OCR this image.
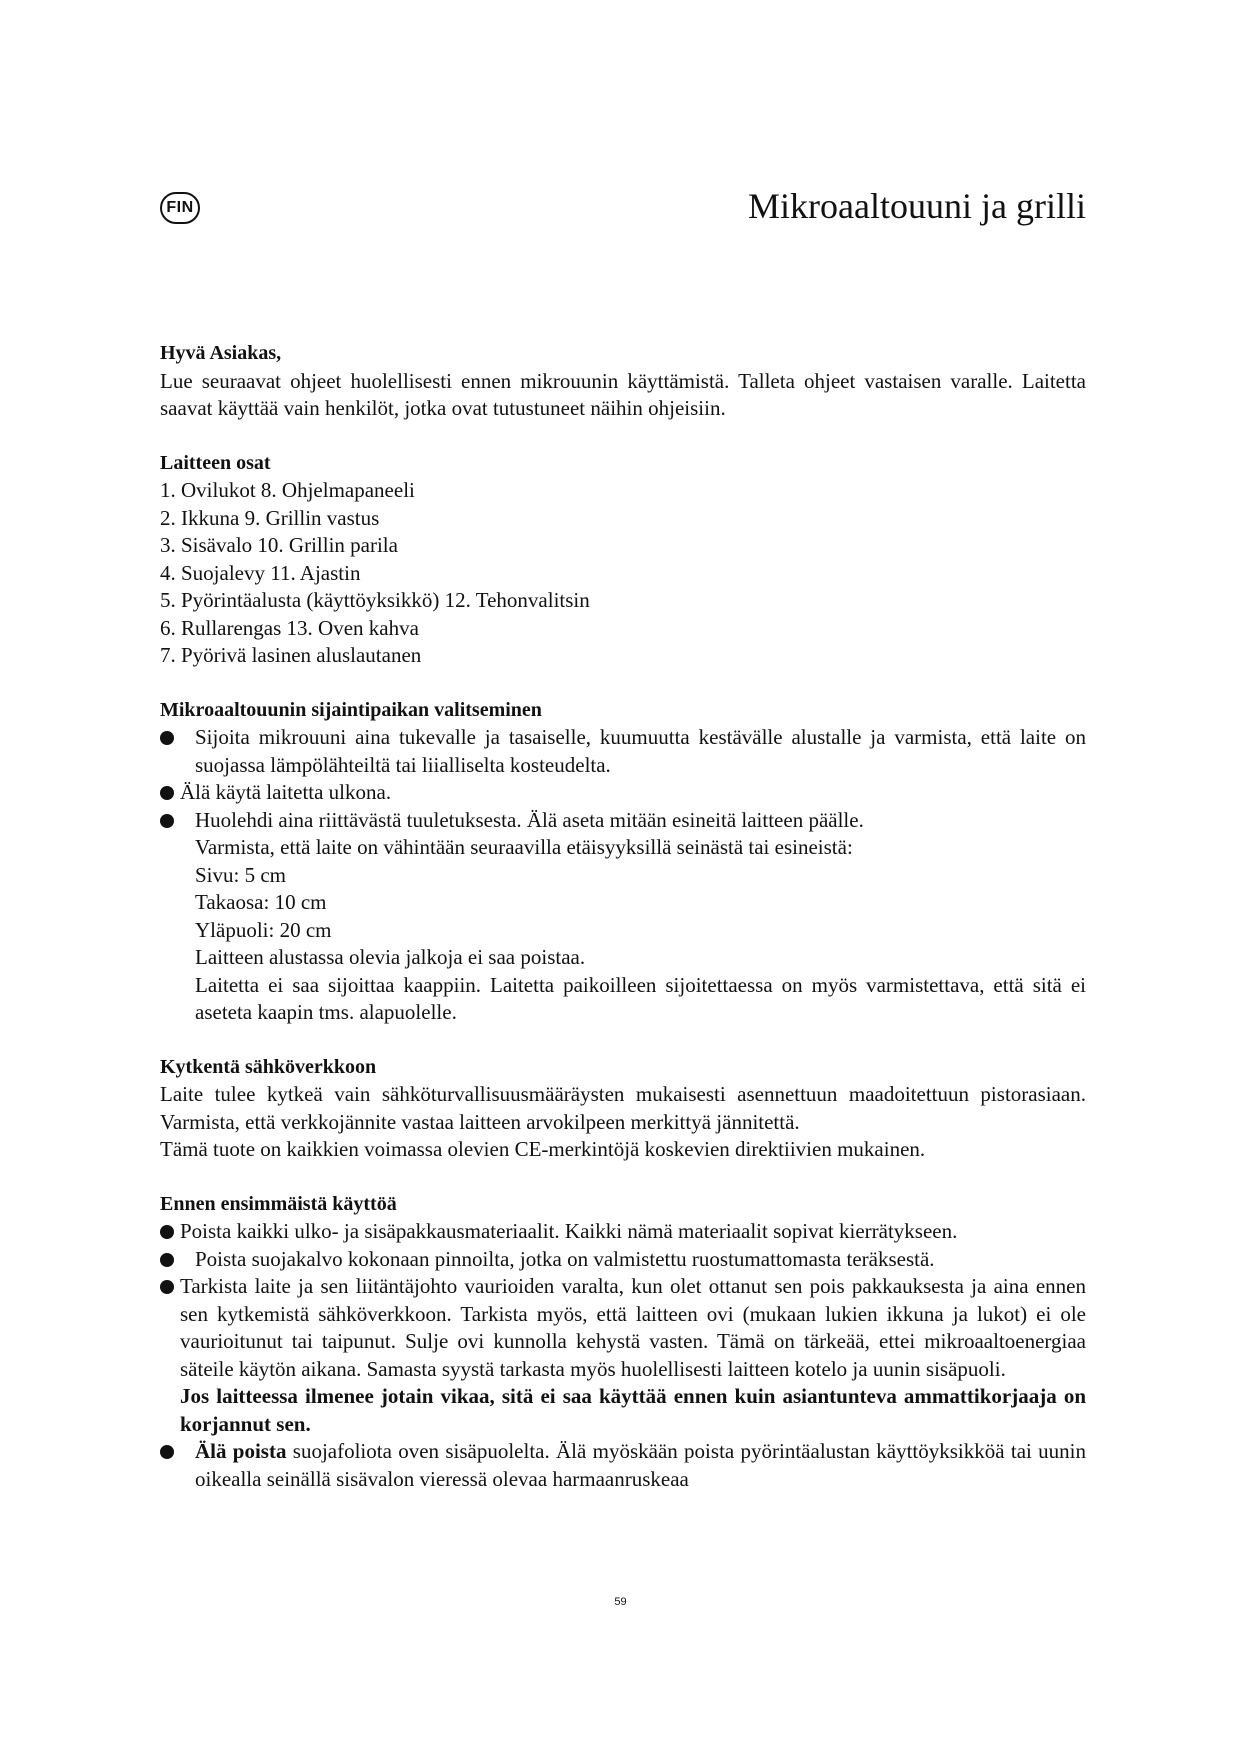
FIN	Mikroaaltouuni ja grilli
Hyvä Asiakas,

Lue seuraavat ohjeet huolellisesti ennen mikrouunin käyttämistä. Talleta ohjeet vastaisen varalle. Laitetta saavat käyttää vain henkilöt, jotka ovat tutustuneet näihin ohjeisiin.

Laitteen osat
1. Ovilukot 8. Ohjelmapaneeli
2. Ikkuna 9. Grillin vastus
3. Sisävalo 10. Grillin parila
4. Suojalevy 11. Ajastin
5. Pyörintäalusta (käyttöyksikkö) 12. Tehonvalitsin
6. Rullarengas 13. Oven kahva
7. Pyörivä lasinen aluslautanen
Mikroaaltouunin sijaintipaikan valitseminen
Sijoita mikrouuni aina tukevalle ja tasaiselle, kuumuutta kestävälle alustalle ja varmista, että laite on suojassa lämpölähteiltä tai liialliselta kosteudelta.
Älä käytä laitetta ulkona.
Huolehdi aina riittävästä tuuletuksesta. Älä aseta mitään esineitä laitteen päälle.
Varmista, että laite on vähintään seuraavilla etäisyyksillä seinästä tai esineistä:
Sivu: 5 cm
Takaosa: 10 cm
Yläpuoli: 20 cm
Laitteen alustassa olevia jalkoja ei saa poistaa.
Laitetta ei saa sijoittaa kaappiin. Laitetta paikoilleen sijoitettaessa on myös varmistettava, että sitä ei aseteta kaapin tms. alapuolelle.
Kytkentä sähköverkkoon

Laite tulee kytkeä vain sähköturvallisuusmääräysten mukaisesti asennettuun maadoitettuun pistorasiaan. Varmista, että verkkojännite vastaa laitteen arvokilpeen merkittyä jännitettä.

Tämä tuote on kaikkien voimassa olevien CE-merkintöjä koskevien direktiivien mukainen.

Ennen ensimmäistä käyttöä
Poista kaikki ulko- ja sisäpakkausmateriaalit. Kaikki nämä materiaalit sopivat kierrätykseen.
Poista suojakalvo kokonaan pinnoilta, jotka on valmistettu ruostumattomasta teräksestä.
Tarkista laite ja sen liitäntäjohto vaurioiden varalta, kun olet ottanut sen pois pakkauksesta ja aina ennen sen kytkemistä sähköverkkoon. Tarkista myös, että laitteen ovi (mukaan lukien ikkuna ja lukot) ei ole vaurioitunut tai taipunut. Sulje ovi kunnolla kehystä vasten. Tämä on tärkeää, ettei mikroaaltoenergiaa säteile käytön aikana. Samasta syystä tarkasta myös huolellisesti laitteen kotelo ja uunin sisäpuoli.
Jos laitteessa ilmenee jotain vikaa, sitä ei saa käyttää ennen kuin asiantunteva ammattikorjaaja on korjannut sen.
Älä poista suojafoliota oven sisäpuolelta. Älä myöskään poista pyörintäalustan käyttöyksikköä tai uunin oikealla seinällä sisävalon vieressä olevaa harmaanruskeaa
59
